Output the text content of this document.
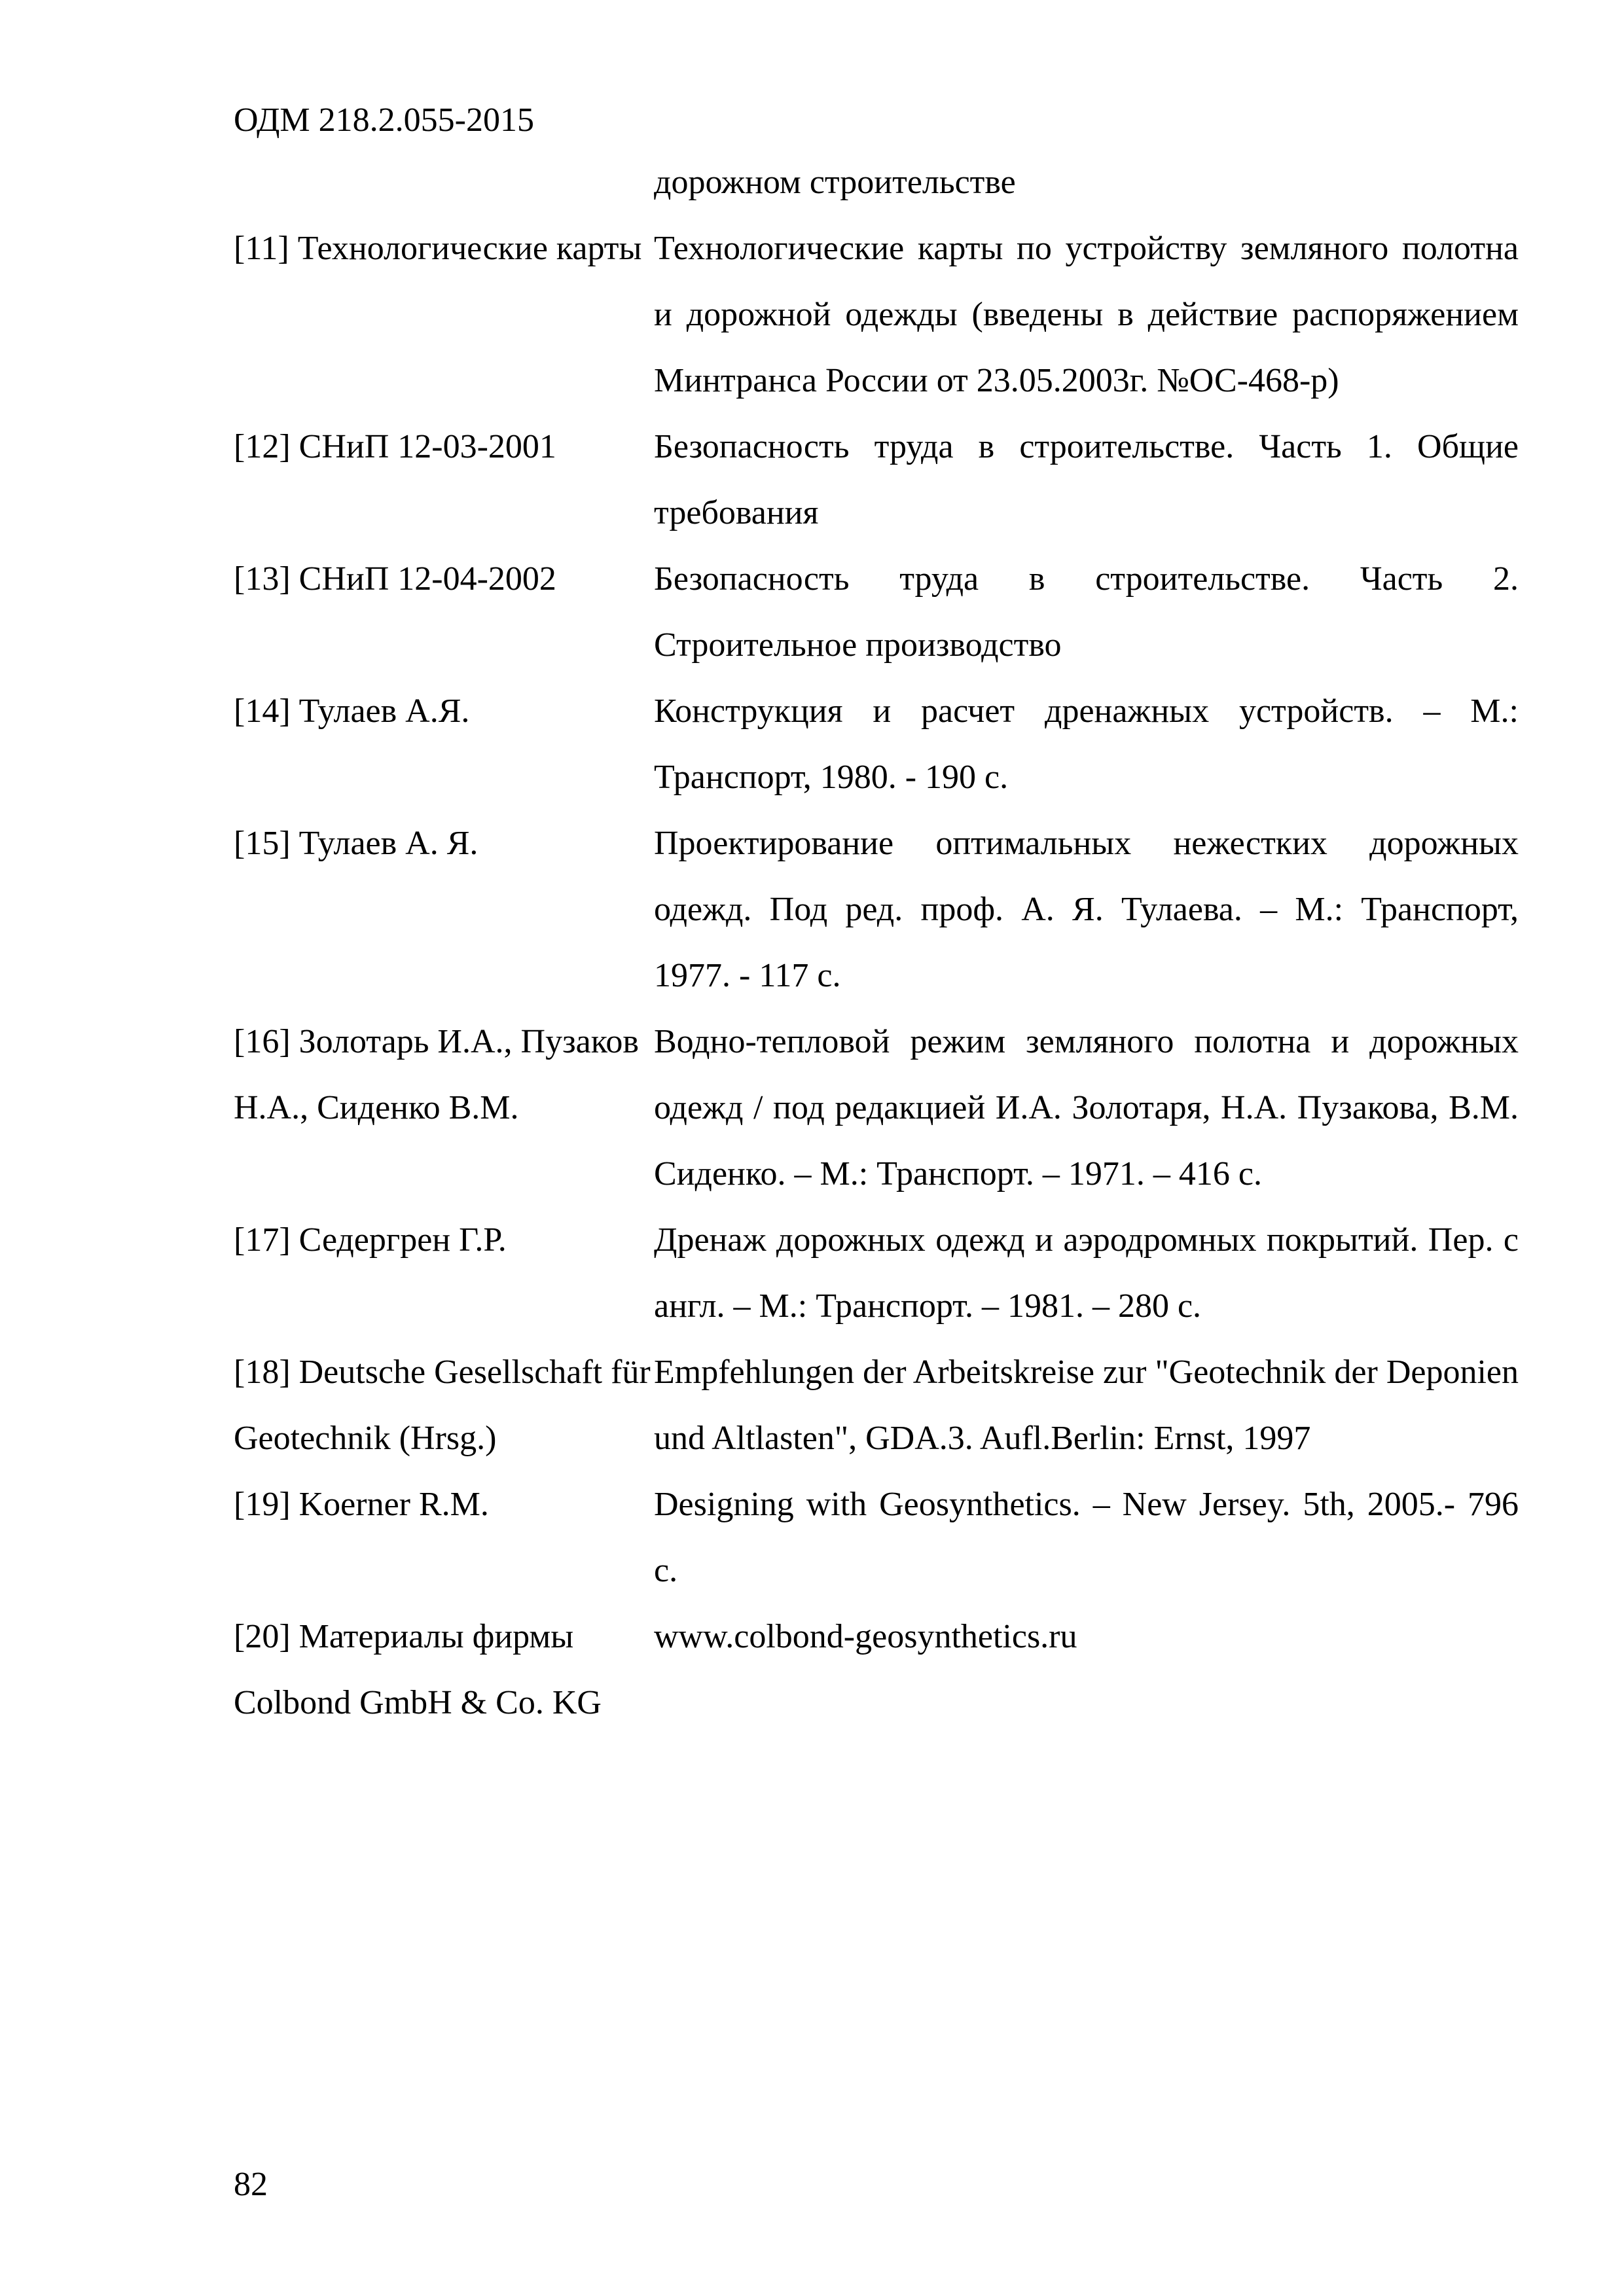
ОДМ 218.2.055-2015
	дорожном строительстве
[11] Технологические карты	Технологические карты по устройству земляного полотна и дорожной одежды (введены в действие распоряжением Минтранса России от 23.05.2003г. №ОС-468-р)
[12] СНиП 12-03-2001	Безопасность труда в строительстве. Часть 1. Общие требования
[13] СНиП 12-04-2002	Безопасность труда в строительстве. Часть 2. Строительное производство
[14] Тулаев А.Я.	Конструкция и расчет дренажных устройств. – М.: Транспорт, 1980. - 190 с.
[15] Тулаев А. Я.	Проектирование оптимальных нежестких дорожных одежд. Под ред. проф. А. Я. Тулаева. – М.: Транспорт, 1977. - 117 с.
[16] Золотарь И.А., Пузаков Н.А., Сиденко В.М.	Водно-тепловой режим земляного полотна и дорожных одежд / под редакцией И.А. Золотаря, Н.А. Пузакова, В.М. Сиденко. – М.: Транспорт. – 1971. – 416 с.
[17] Седергрен Г.Р.	Дренаж дорожных одежд и аэродромных покрытий. Пер. с англ. – М.: Транспорт. – 1981. – 280 с.
[18] Deutsche Gesellschaft für Geotechnik (Hrsg.)	Empfehlungen der Arbeitskreise zur "Geotechnik der Deponien und Altlasten", GDA.3. Aufl.Berlin: Ernst, 1997
[19] Koerner R.M.	Designing with Geosynthetics. – New Jersey. 5th, 2005.- 796 с.
[20] Материалы фирмы Colbond GmbH & Co. KG	www.colbond-geosynthetics.ru
82
